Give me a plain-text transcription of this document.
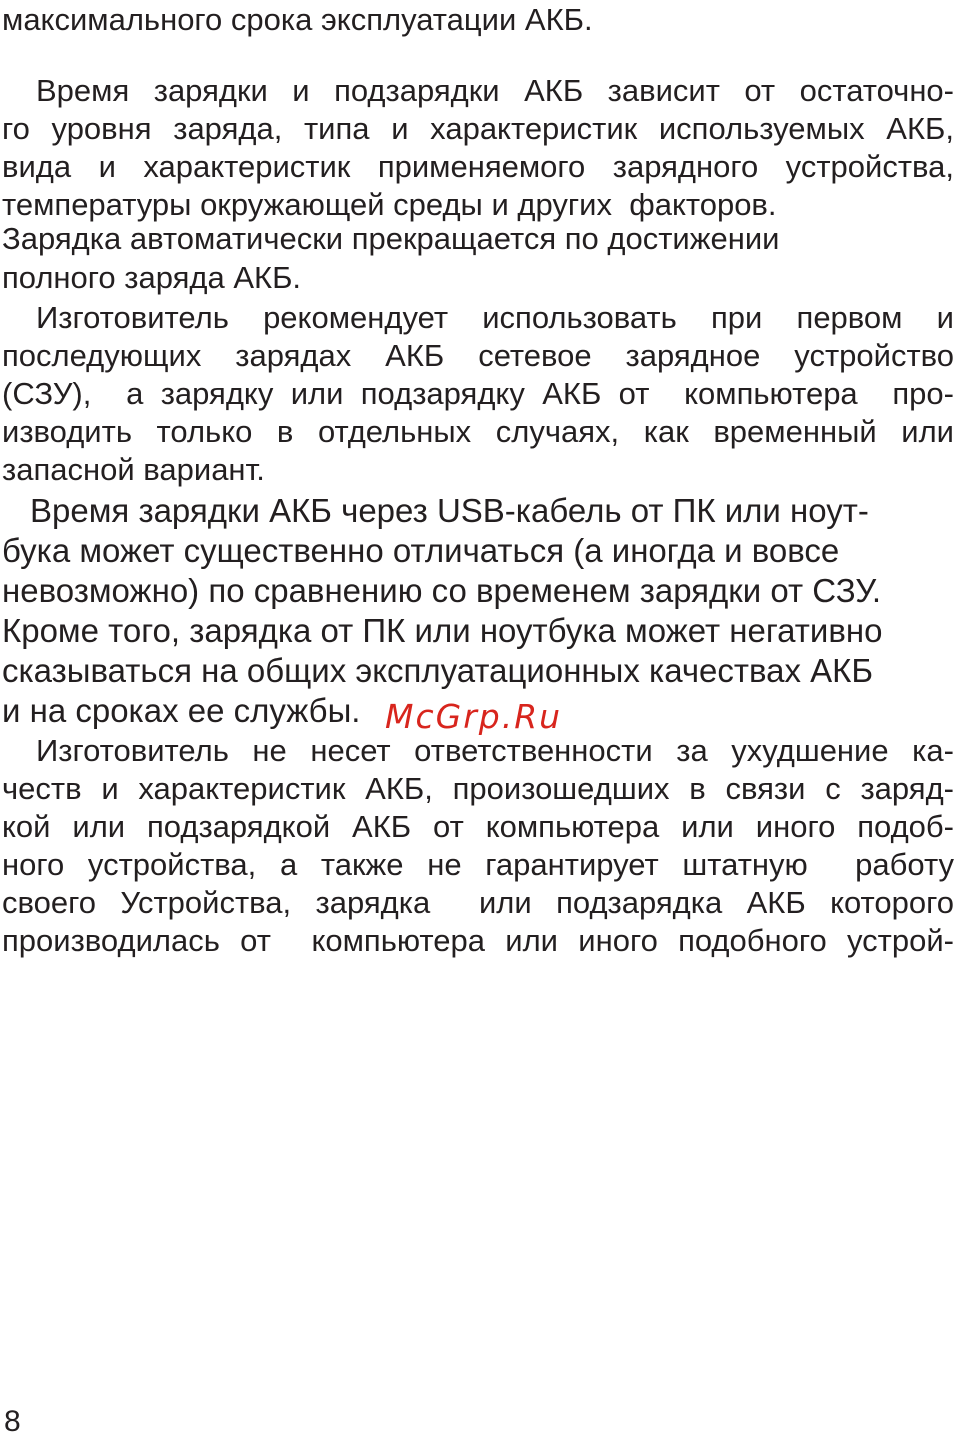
максимального срока эксплуатации АКБ.
Время зарядки и подзарядки АКБ зависит от остаточно-
го уровня заряда, типа и характеристик используемых АКБ,
вида и характеристик применяемого зарядного устройства,
температуры окружающей среды и других  факторов.
Зарядка автоматически прекращается по достижении
полного заряда АКБ.
Изготовитель рекомендует использовать при первом и
последующих зарядах АКБ сетевое зарядное устройство
(СЗУ),  а зарядку или подзарядку АКБ от  компьютера  про-
изводить только в отдельных случаях, как временный или
запасной вариант.
Время зарядки АКБ через USB-кабель от ПК или ноут-
бука может существенно отличаться (а иногда и вовсе
невозможно) по сравнению со временем зарядки от СЗУ.
Кроме того, зарядка от ПК или ноутбука может негативно
сказываться на общих эксплуатационных качествах АКБ
и на сроках ее службы. McGrp.Ru
Изготовитель не несет ответственности за ухудшение ка-
честв и характеристик АКБ, произошедших в связи с заряд-
кой или подзарядкой АКБ от компьютера или иного подоб-
ного устройства, а также не гарантирует штатную  работу
своего Устройства, зарядка  или подзарядка АКБ которого
производилась от  компьютера или иного подобного устрой-
8
